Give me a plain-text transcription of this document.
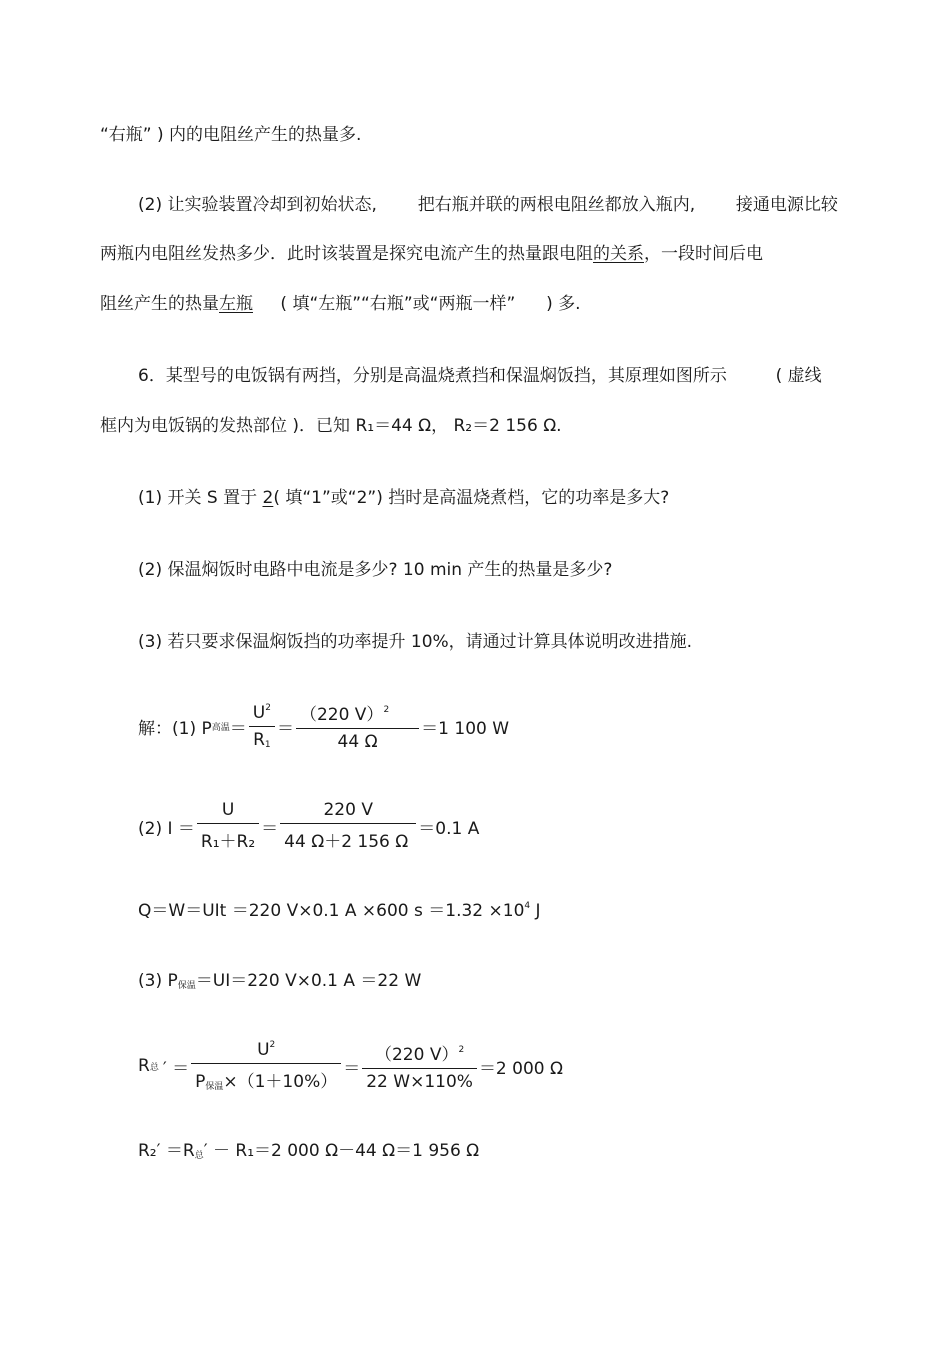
“右瓶” ) 内的电阻丝产生的热量多.
(2) 让实验装置冷却到初始状态, 把右瓶并联的两根电阻丝都放入瓶内, 接通电源比较
两瓶内电阻丝发热多少．此时该装置是探究电流产生的热量跟电阻的关系，一段时间后电
阻丝产生的热量左瓶 ( 填“左瓶”“右瓶”或“两瓶一样” ) 多.
6．某型号的电饭锅有两挡，分别是高温烧煮挡和保温焖饭挡，其原理如图所示	( 虚线
框内为电饭锅的发热部位 )．已知 R₁＝44 Ω， R₂＝2 156 Ω.
(1) 开关 S 置于 2( 填“1”或“2”) 挡时是高温烧煮档，它的功率是多大?
(2) 保温焖饭时电路中电流是多少? 10 min 产生的热量是多少?
(3) 若只要求保温焖饭挡的功率提升 10%，请通过计算具体说明改进措施.
解：(1) P 高温 ＝ $\frac{U^2}{R_1} = \frac{(220 V)^2}{44 \Omega} =1$ 100 W
(2) $I = \frac{U}{\text{R₁＋R₂}} = \frac{220 V}{44 \Omega+2 156 \Omega} =0.1$ A
Q＝W＝UIt ＝220 V×0.1 A ×600 $s =1.32 \times 10^4$ J
(3) $P_{保温}=UI=220$ V×0.1 A ＝22 W
R 总 ′ ＝ $\frac{U^2}{P_{保温}\times(1+10\%)} = \frac{(220 V)^2}{22 W\times 110\%} =2$ 000 Ω
$R_2' =R_总' - R_1=2$ 000 Ω－44 Ω＝1 956 Ω
